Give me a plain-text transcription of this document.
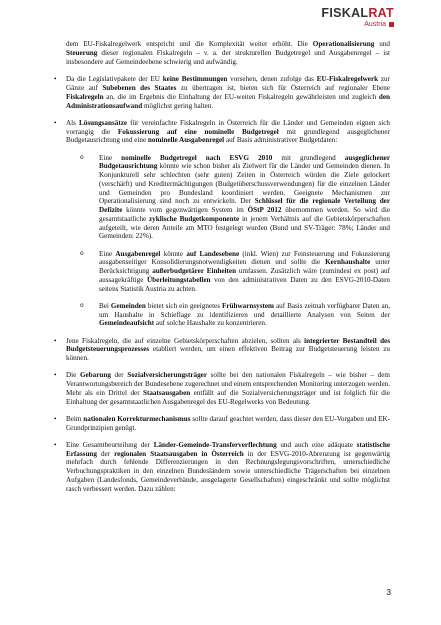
FISKALRAT
Austria

dem EU-Fiskalregelwerk entspricht und die Komplexität weiter erhöht. Die Operationalisierung und Steuerung dieser regionalen Fiskalregeln – v. a. der strukturellen Budgetregel und Ausgabenregel – ist insbesondere auf Gemeindeebene schwierig und aufwändig.

• Da die Legislativpakete der EU keine Bestimmungen vorsehen, denen zufolge das EU-Fiskalregelwerk zur Gänze auf Subebenen des Staates zu übertragen ist, bieten sich für Österreich auf regionaler Ebene Fiskalregeln an, die im Ergebnis die Einhaltung der EU-weiten Fiskalregeln gewährleisten und zugleich den Administrationsaufwand möglichst gering halten.

• Als Lösungsansätze für vereinfachte Fiskalregeln in Österreich für die Länder und Gemeinden eignen sich vorrangig die Fokussierung auf eine nominelle Budgetregel mit grundlegend ausgeglichener Budgetausrichtung und eine nominelle Ausgabenregel auf Basis administrativer Budgetdaten:

o Eine nominelle Budgetregel nach ESVG 2010 mit grundlegend ausgeglichener Budgetausrichtung könnte wie schon bisher als Zielwert für die Länder und Gemeinden dienen. In Konjunkturell sehr schlechten (sehr guten) Zeiten in Österreich würden die Ziele gelockert (verschärft) und Kreditermächtigungen (Budgetüberschussverwendungen) für die einzelnen Länder und Gemeinden pro Bundesland koordiniert werden. Geeignete Mechanismen zur Operationalisierung sind noch zu entwickeln. Der Schlüssel für die regionale Verteilung der Defizite könnte vom gegenwärtigen System im ÖStP 2012 übernommen werden. So wird die gesamtstaatliche zyklische Budgetkomponente in jenem Verhältnis auf die Gebietskörperschaften aufgeteilt, wie deren Anteile am MTO festgelegt wurden (Bund und SV-Träger: 78%; Länder und Gemeinden: 22%).

o Eine Ausgabenregel könnte auf Landesebene (inkl. Wien) zur Feinsteuerung und Fokussierung ausgabenseitiger Konsolidierungsnotwendigkeiten dienen und sollte die Kernhaushalte unter Berücksichtigung außerbudgetärer Einheiten umfassen. Zusätzlich wäre (zumindest ex post) auf aussagekräftige Überleitungstabellen von den administrativen Daten zu den ESVG-2010-Daten seitens Statistik Austria zu achten.

o Bei Gemeinden bietet sich ein geeignetes Frühwarnsystem auf Basis zeitnah verfügbarer Daten an, um Haushalte in Schieflage zu identifizieren und detaillierte Analysen von Seiten der Gemeindeaufsicht auf solche Haushalte zu konzentrieren.

• Jene Fiskalregeln, die auf einzelne Gebietskörperschaften abzielen, sollten als integrierter Bestandteil des Budgetsteuerungsprozesses etabliert werden, um einen effektiven Beitrag zur Budgetsteuerung leisten zu können.

• Die Gebarung der Sozialversicherungsträger sollte bei den nationalen Fiskalregeln – wie bisher – dem Verantwortungsbereich der Bundesebene zugerechnet und einem entsprechenden Monitoring unterzogen werden. Mehr als ein Drittel der Staatsausgaben entfällt auf die Sozialversicherungsträger und ist folglich für die Einhaltung der gesamtstaatlichen Ausgabenregel des EU-Regelwerks von Bedeutung.

• Beim nationalen Korrekturmechanismus sollte darauf geachtet werden, dass dieser den EU-Vorgaben und EK-Grundprinzipien genügt.

• Eine Gesamtbeurteilung der Länder-Gemeinde-Transferverflechtung und auch eine adäquate statistische Erfassung der regionalen Staatsausgaben in Österreich in der ESVG-2010-Abrenzung ist gegenwärtig mehrfach durch fehlende Differenzierungen in den Rechnungslegungsvorschriften, unterschiedliche Verbuchungspraktiken in den einzelnen Bundesländern sowie unterschiedliche Trägerschaften bei einzelnen Aufgaben (Landesfonds, Gemeindeverbände, ausgelagerte Gesellschaften) eingeschränkt und sollte möglichst rasch verbessert werden. Dazu zählen:

3
